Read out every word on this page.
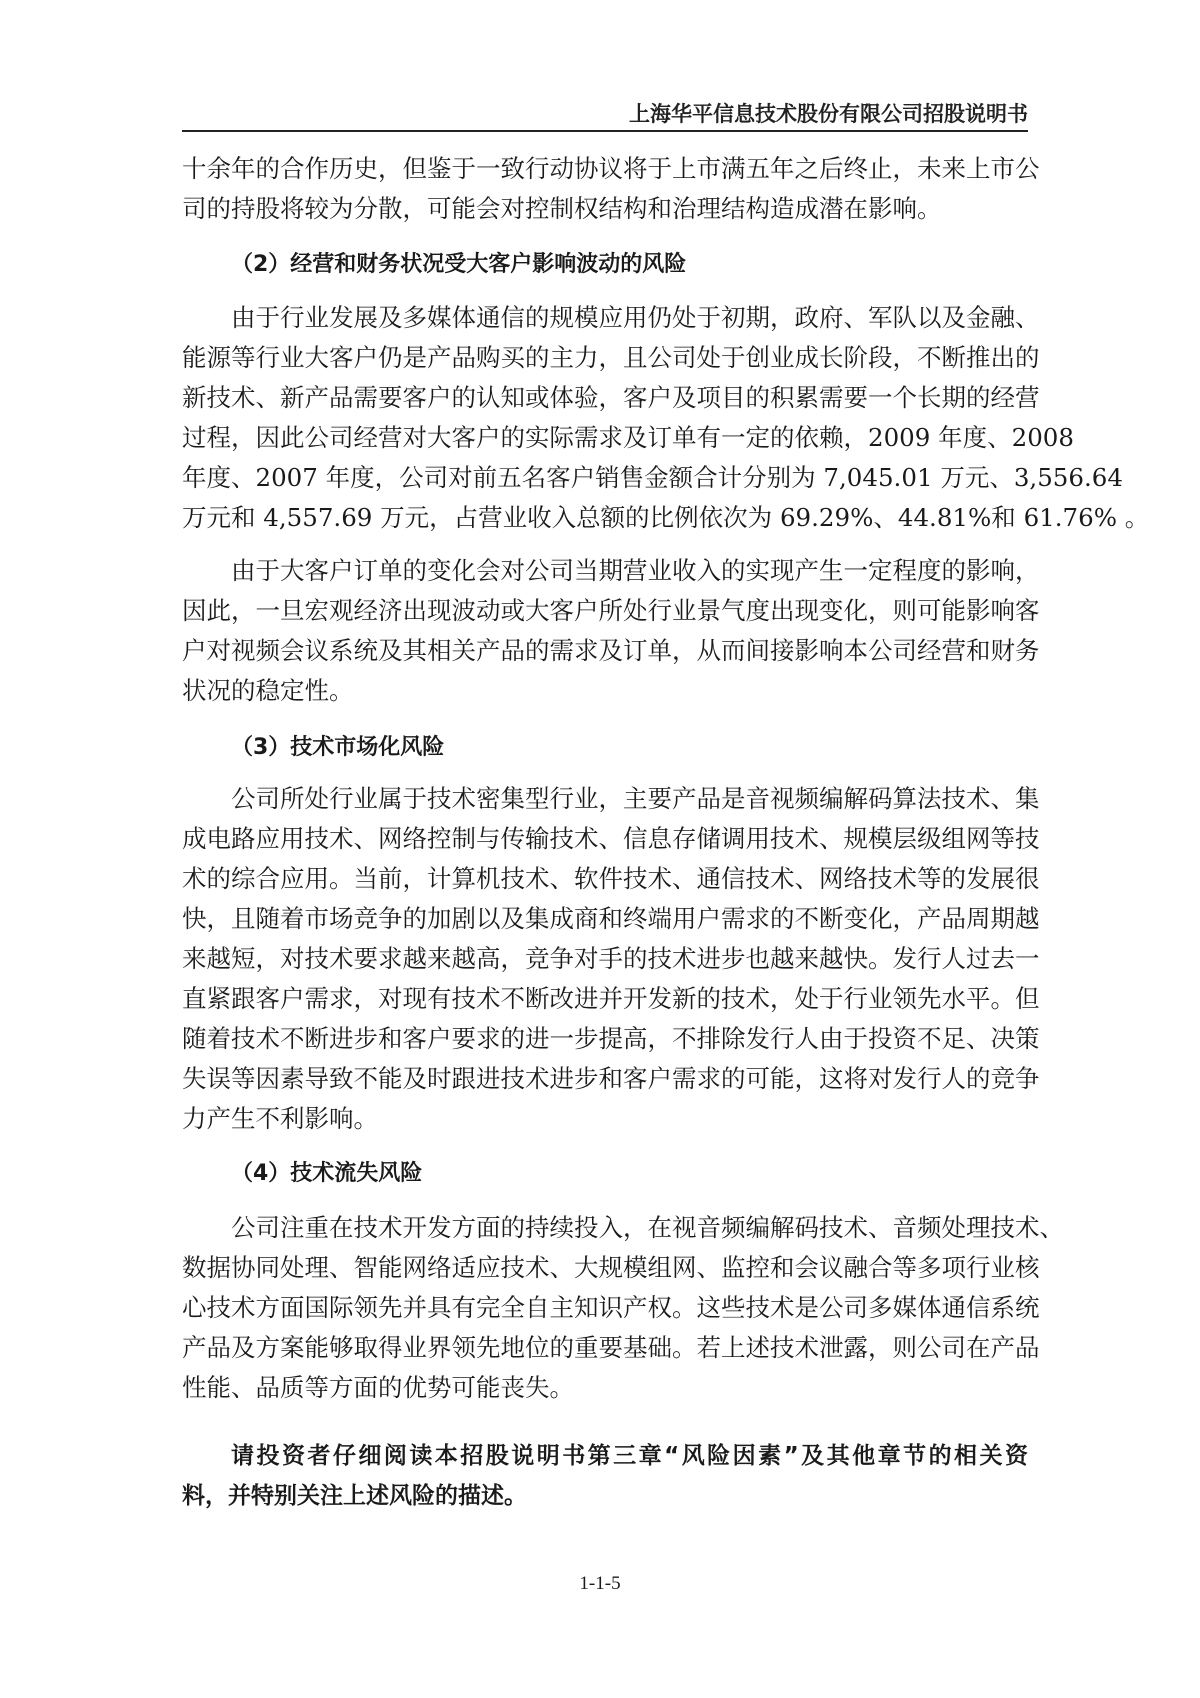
上海华平信息技术股份有限公司招股说明书
十余年的合作历史，但鉴于一致行动协议将于上市满五年之后终止，未来上市公
司的持股将较为分散，可能会对控制权结构和治理结构造成潜在影响。
（2）经营和财务状况受大客户影响波动的风险
由于行业发展及多媒体通信的规模应用仍处于初期，政府、军队以及金融、
能源等行业大客户仍是产品购买的主力，且公司处于创业成长阶段，不断推出的
新技术、新产品需要客户的认知或体验，客户及项目的积累需要一个长期的经营
过程，因此公司经营对大客户的实际需求及订单有一定的依赖，2009 年度、2008
年度、2007 年度，公司对前五名客户销售金额合计分别为 7,045.01 万元、3,556.64
万元和 4,557.69 万元，占营业收入总额的比例依次为 69.29%、44.81%和 61.76% 。
由于大客户订单的变化会对公司当期营业收入的实现产生一定程度的影响，
因此，一旦宏观经济出现波动或大客户所处行业景气度出现变化，则可能影响客
户对视频会议系统及其相关产品的需求及订单，从而间接影响本公司经营和财务
状况的稳定性。
（3）技术市场化风险
公司所处行业属于技术密集型行业，主要产品是音视频编解码算法技术、集
成电路应用技术、网络控制与传输技术、信息存储调用技术、规模层级组网等技
术的综合应用。当前，计算机技术、软件技术、通信技术、网络技术等的发展很
快，且随着市场竞争的加剧以及集成商和终端用户需求的不断变化，产品周期越
来越短，对技术要求越来越高，竞争对手的技术进步也越来越快。发行人过去一
直紧跟客户需求，对现有技术不断改进并开发新的技术，处于行业领先水平。但
随着技术不断进步和客户要求的进一步提高，不排除发行人由于投资不足、决策
失误等因素导致不能及时跟进技术进步和客户需求的可能，这将对发行人的竞争
力产生不利影响。
（4）技术流失风险
公司注重在技术开发方面的持续投入，在视音频编解码技术、音频处理技术、
数据协同处理、智能网络适应技术、大规模组网、监控和会议融合等多项行业核
心技术方面国际领先并具有完全自主知识产权。这些技术是公司多媒体通信系统
产品及方案能够取得业界领先地位的重要基础。若上述技术泄露，则公司在产品
性能、品质等方面的优势可能丧失。
请投资者仔细阅读本招股说明书第三章“风险因素”及其他章节的相关资
料，并特别关注上述风险的描述。
1-1-5
